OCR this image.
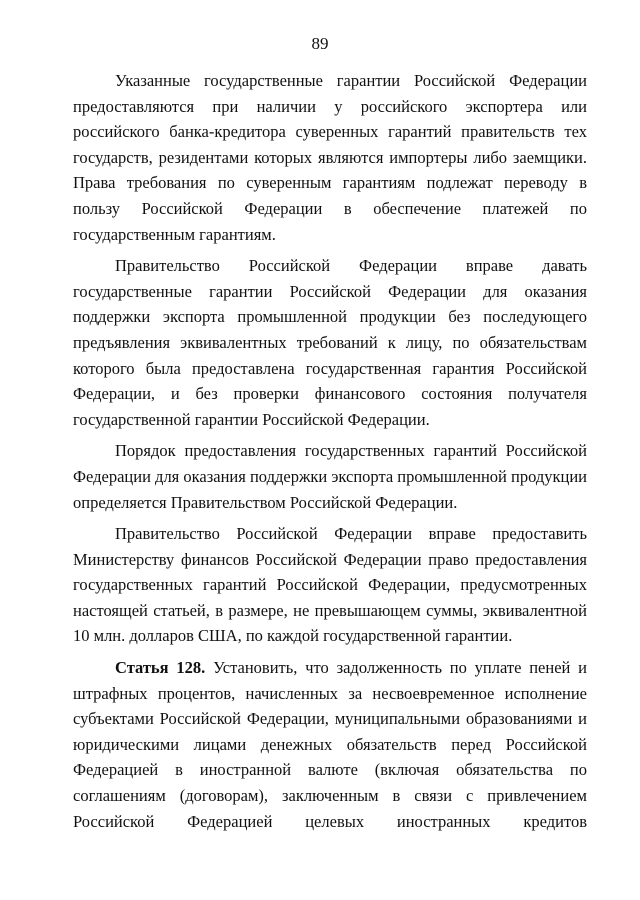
89

Указанные государственные гарантии Российской Федерации предоставляются при наличии у российского экспортера или российского банка-кредитора суверенных гарантий правительств тех государств, резидентами которых являются импортеры либо заемщики. Права требования по суверенным гарантиям подлежат переводу в пользу Российской Федерации в обеспечение платежей по государственным гарантиям.

Правительство Российской Федерации вправе давать государственные гарантии Российской Федерации для оказания поддержки экспорта промышленной продукции без последующего предъявления эквивалентных требований к лицу, по обязательствам которого была предоставлена государственная гарантия Российской Федерации, и без проверки финансового состояния получателя государственной гарантии Российской Федерации.

Порядок предоставления государственных гарантий Российской Федерации для оказания поддержки экспорта промышленной продукции определяется Правительством Российской Федерации.

Правительство Российской Федерации вправе предоставить Министерству финансов Российской Федерации право предоставления государственных гарантий Российской Федерации, предусмотренных настоящей статьей, в размере, не превышающем суммы, эквивалентной 10 млн. долларов США, по каждой государственной гарантии.

Статья 128. Установить, что задолженность по уплате пеней и штрафных процентов, начисленных за несвоевременное исполнение субъектами Российской Федерации, муниципальными образованиями и юридическими лицами денежных обязательств перед Российской Федерацией в иностранной валюте (включая обязательства по соглашениям (договорам), заключенным в связи с привлечением Российской Федерацией целевых иностранных кредитов
